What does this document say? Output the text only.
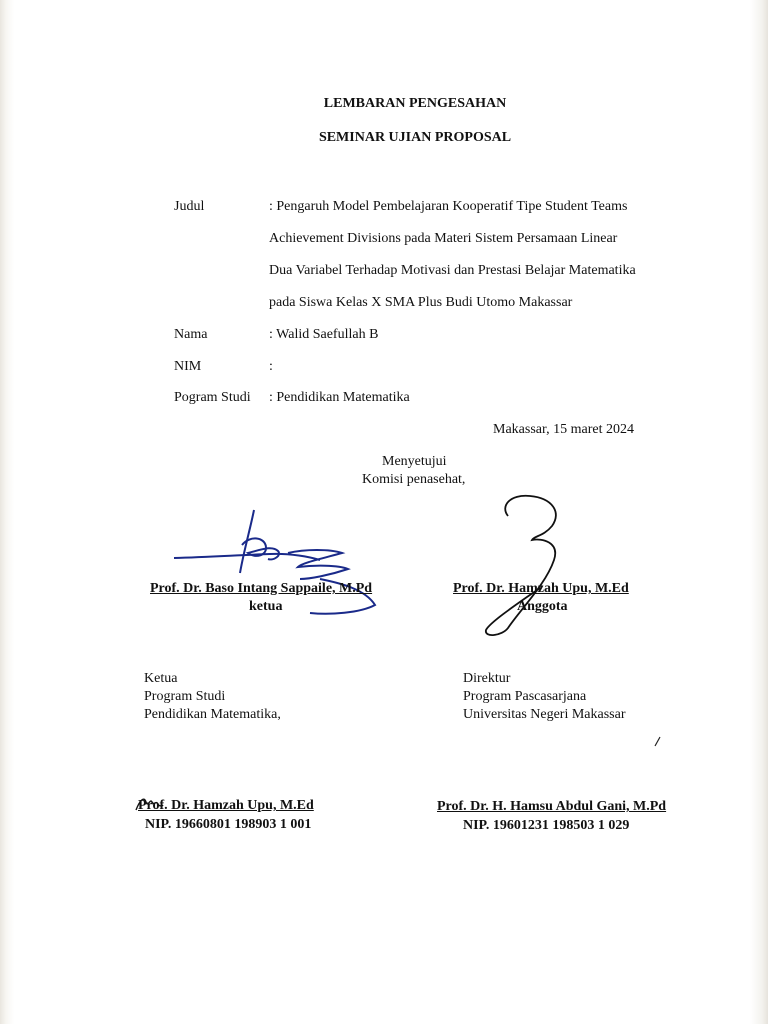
LEMBARAN PENGESAHAN
SEMINAR UJIAN PROPOSAL
Judul	: Pengaruh Model Pembelajaran Kooperatif Tipe Student Teams
Achievement Divisions pada Materi Sistem Persamaan Linear
Dua Variabel Terhadap Motivasi dan Prestasi Belajar Matematika
pada Siswa Kelas X SMA Plus Budi Utomo Makassar
Nama	: Walid Saefullah B
NIM	:
Pogram Studi : Pendidikan Matematika
Makassar, 15 maret 2024
Menyetujui
Komisi penasehat,
Prof. Dr. Baso Intang Sappaile, M.Pd
ketua
Prof. Dr. Hamzah Upu, M.Ed
Anggota
Ketua
Program Studi
Pendidikan Matematika,
Direktur
Program Pascasarjana
Universitas Negeri Makassar
Prof. Dr. Hamzah Upu, M.Ed
NIP. 19660801 198903 1 001
Prof. Dr. H. Hamsu Abdul Gani, M.Pd
NIP. 19601231 198503 1 029
